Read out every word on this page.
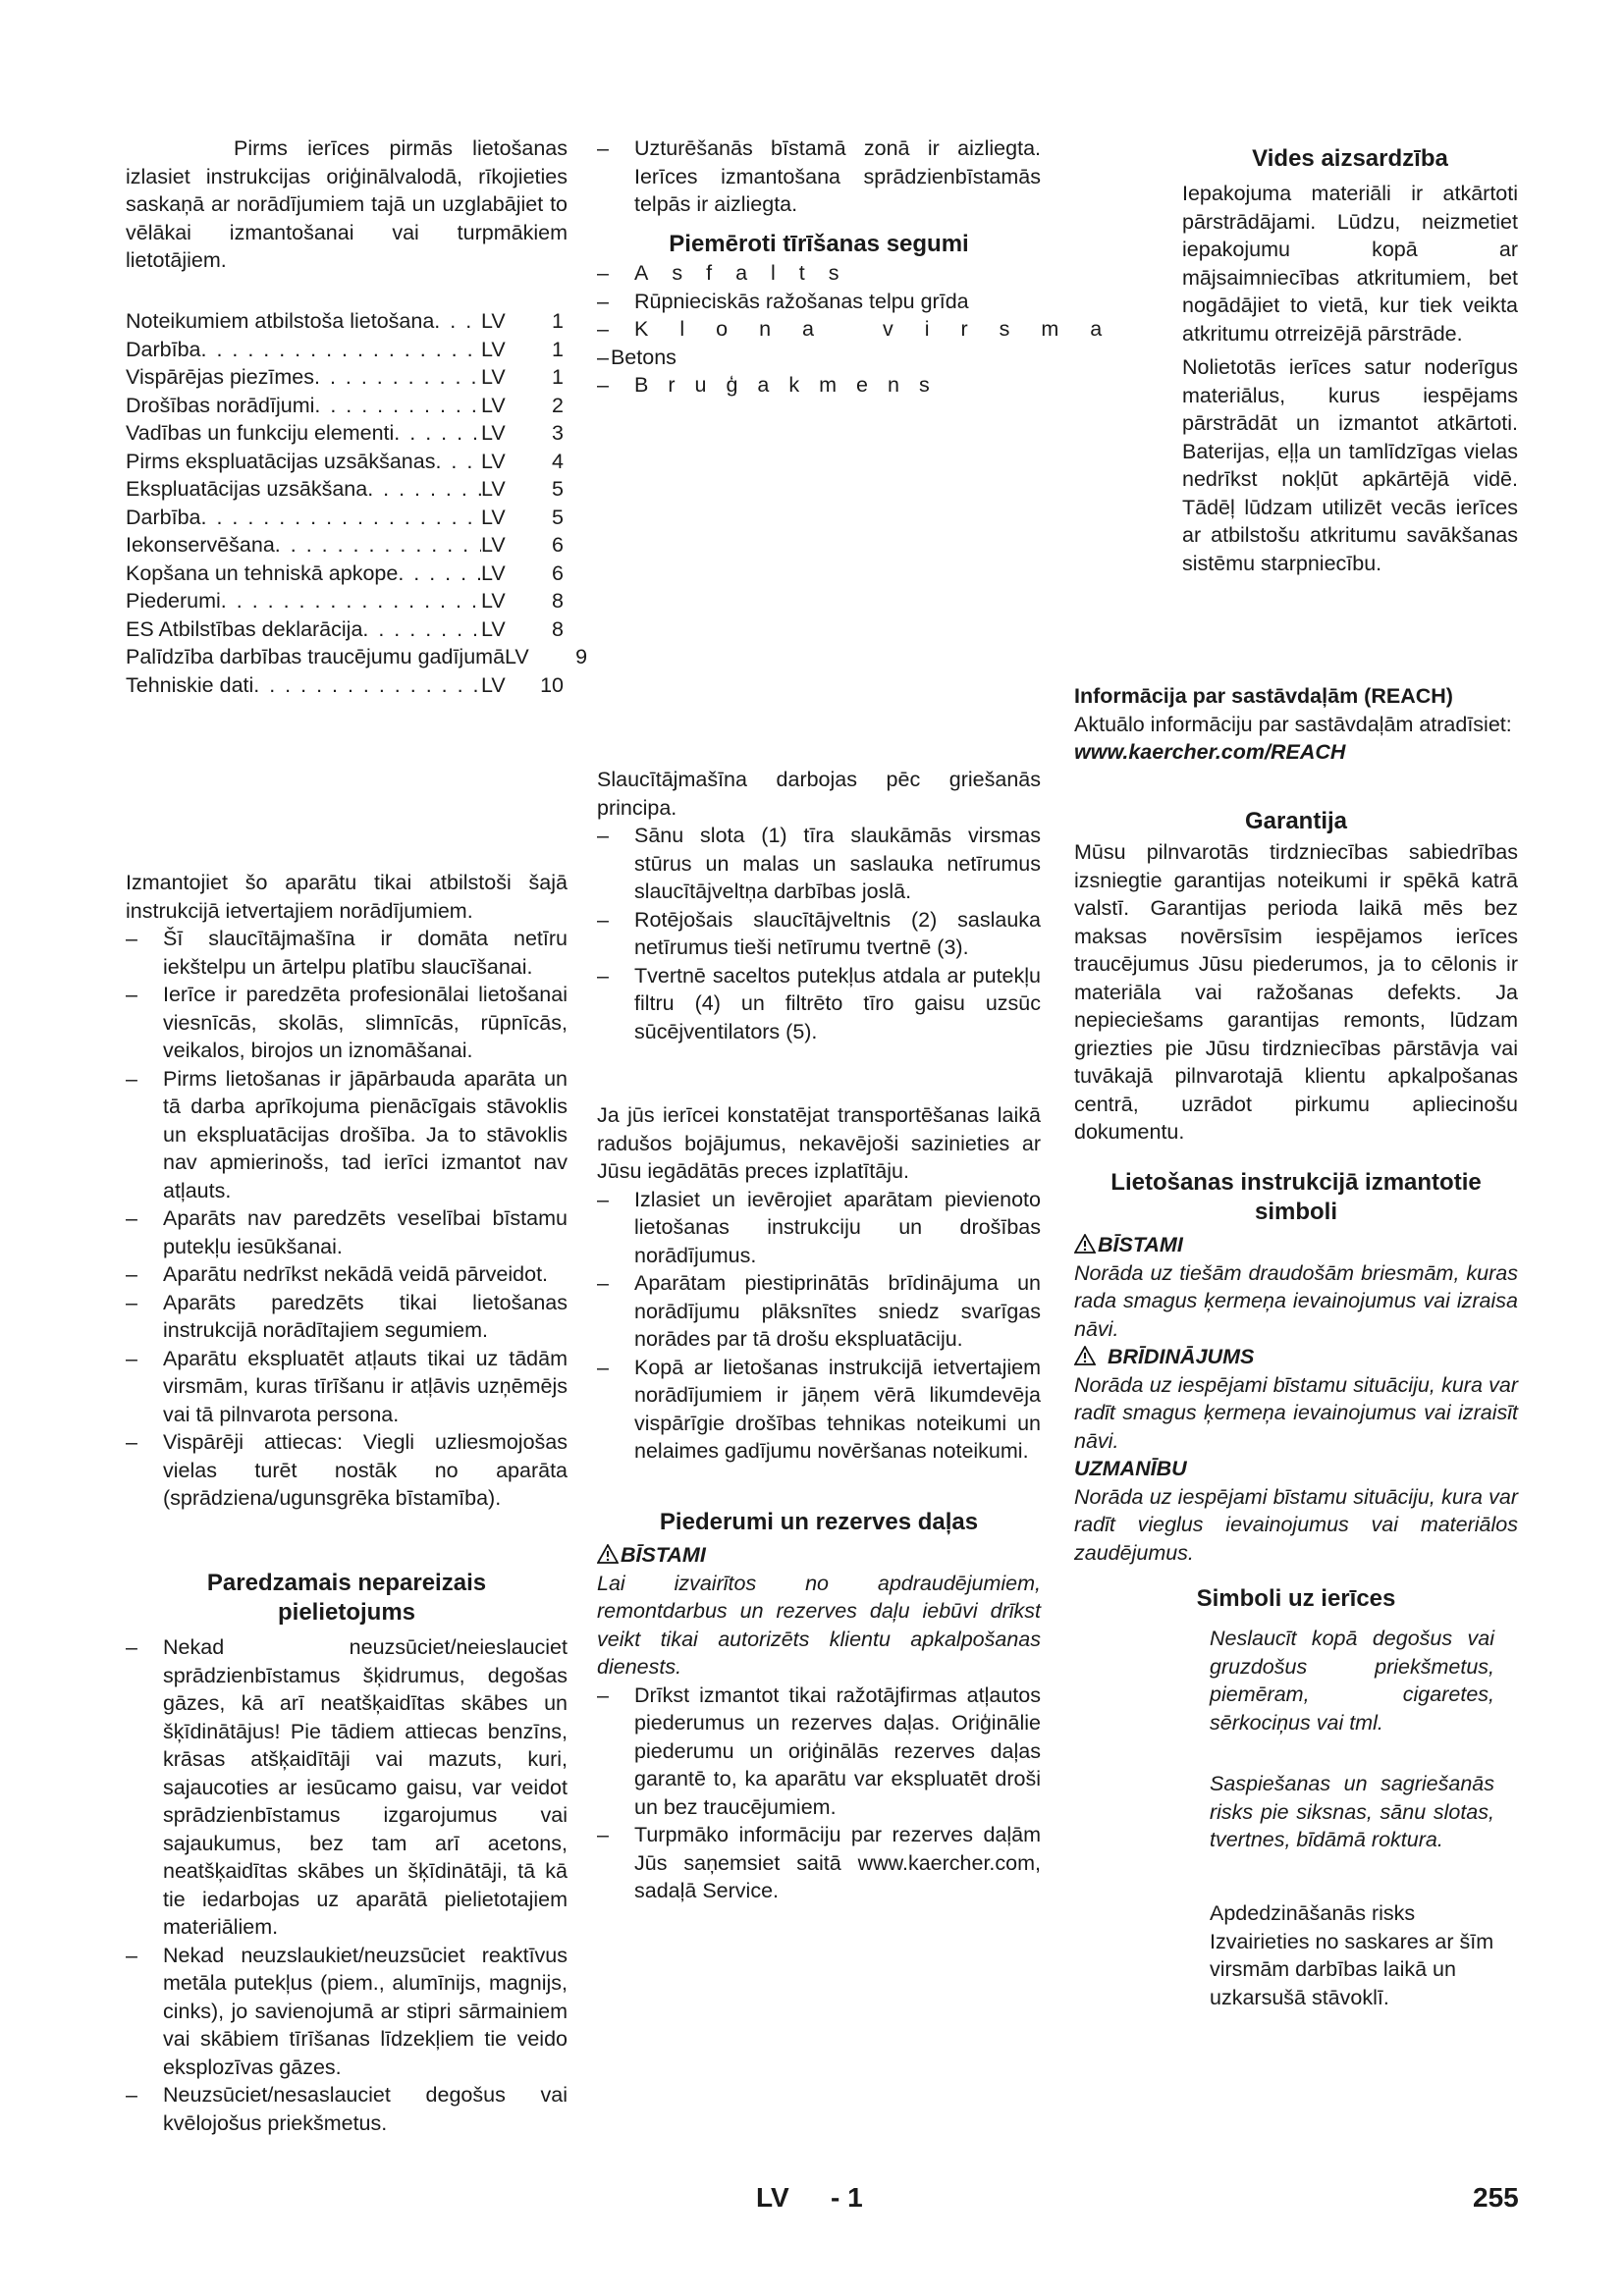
Pirms ierīces pirmās lietošanas izlasiet instrukcijas oriģinālvalodā, rīkojieties saskaņā ar norādījumiem tajā un uzglabājiet to vēlākai izmantošanai vai turpmākiem lietotājiem.

Noteikumiem atbilstoša lietošana . . . LV	1
Darbība . . .	LV	1
Vispārējas piezīmes . . .	LV	1
Drošības norādījumi . . .	LV	2
Vadības un funkciju elementi . . .	LV	3
Pirms ekspluatācijas uzsākšanas . . . LV	4
Ekspluatācijas uzsākšana . . .	LV	5
Darbība . . .	LV	5
Iekonservēšana . . .	LV	6
Kopšana un tehniskā apkope . . .	LV	6
Piederumi . . .	LV	8
ES Atbilstības deklarācija . . .	LV	8
Palīdzība darbības traucējumu gadījumā LV	9
Tehniskie dati . . .	LV	10

Izmantojiet šo aparātu tikai atbilstoši šajā instrukcijā ietvertajiem norādījumiem.

– Šī slaucītājmašīna ir domāta netīru iekštelpu un ārtelpu platību slaucīšanai.
– Ierīce ir paredzēta profesionālai lietošanai viesnīcās, skolās, slimnīcās, rūpnīcās, veikalos, birojos un iznomāšanai.
– Pirms lietošanas ir jāpārbauda aparāta un tā darba aprīkojuma pienācīgais stāvoklis un ekspluatācijas drošība. Ja to stāvoklis nav apmierinošs, tad ierīci izmantot nav atļauts.
– Aparāts nav paredzēts veselībai bīstamu putekļu iesūkšanai.
– Aparātu nedrīkst nekādā veidā pārveidot.
– Aparāts paredzēts tikai lietošanas instrukcijā norādītajiem segumiem.
– Aparātu ekspluatēt atļauts tikai uz tādām virsmām, kuras tīrīšanu ir atļāvis uzņēmējs vai tā pilnvarota persona.
– Vispārēji attiecas: Viegli uzliesmojošas vielas turēt nostāk no aparāta (sprādziena/ugunsgrēka bīstamība).
Paredzamais nepareizais pielietojums
– Nekad neuzsūciet/neieslauciet sprādzienbīstamus šķidrumus, degošas gāzes, kā arī neatšķaidītas skābes un šķīdinātājus! Pie tādiem attiecas benzīns, krāsas atšķaidītāji vai mazuts, kuri, sajaucoties ar iesūcamo gaisu, var veidot sprādzienbīstamus izgarojumus vai sajaukumus, bez tam arī acetons, neatšķaidītas skābes un šķīdinātāji, tā kā tie iedarbojas uz aparātā pielietotajiem materiāliem.
– Nekad neuzslaukiet/neuzsūciet reaktīvus metāla putekļus (piem., alumīnijs, magnijs, cinks), jo savienojumā ar stipri sārmainiem vai skābiem tīrīšanas līdzekļiem tie veido eksplozīvas gāzes.
– Neuzsūciet/nesaslauciet degošus vai kvēlojošus priekšmetus.
– Uzturēšanās bīstamā zonā ir aizliegta. Ierīces izmantošana sprādzienbīstamās telpās ir aizliegta.
Piemēroti tīrīšanas segumi
– Asfalts
– Rūpnieciskās ražošanas telpu grīda
– Klona virsma
–Betons
– Bruģakmens

Slaucītājmašīna darbojas pēc griešanās principa.

– Sānu slota (1) tīra slaukāmās virsmas stūrus un malas un saslauka netīrumus slaucītājveltņa darbības joslā.
– Rotējošais slaucītājveltnis (2) saslauka netīrumus tieši netīrumu tvertnē (3).
– Tvertnē saceltos putekļus atdala ar putekļu filtru (4) un filtrēto tīro gaisu uzsūc sūcējventilators (5).

Ja jūs ierīcei konstatējat transportēšanas laikā radušos bojājumus, nekavējoši sazinieties ar Jūsu iegādātās preces izplatītāju.

– Izlasiet un ievērojiet aparātam pievienoto lietošanas instrukciju un drošības norādījumus.
– Aparātam piestiprinātās brīdinājuma un norādījumu plāksnītes sniedz svarīgas norādes par tā drošu ekspluatāciju.
– Kopā ar lietošanas instrukcijā ietvertajiem norādījumiem ir jāņem vērā likumdevēja vispārīgie drošības tehnikas noteikumi un nelaimes gadījumu novēršanas noteikumi.
Piederumi un rezerves daļas
BĪSTAMI

Lai izvairītos no apdraudējumiem, remontdarbus un rezerves daļu iebūvi drīkst veikt tikai autorizēts klientu apkalpošanas dienests.

– Drīkst izmantot tikai ražotājfirmas atļautos piederumus un rezerves daļas. Oriģinālie piederumu un oriģinālās rezerves daļas garantē to, ka aparātu var ekspluatēt droši un bez traucējumiem.
– Turpmāko informāciju par rezerves daļām Jūs saņemsiet saitā www.kaercher.com, sadaļā Service.
Vides aizsardzība

Iepakojuma materiāli ir atkārtoti pārstrādājami. Lūdzu, neizmetiet iepakojumu kopā ar mājsaimniecības atkritumiem, bet nogādājiet to vietā, kur tiek veikta atkritumu otrreizējā pārstrāde.

Nolietotās ierīces satur noderīgus materiālus, kurus iespējams pārstrādāt un izmantot atkārtoti. Baterijas, eļļa un tamlīdzīgas vielas nedrīkst nokļūt apkārtējā vidē. Tādēļ lūdzam utilizēt vecās ierīces ar atbilstošu atkritumu savākšanas sistēmu starpniecību.

Informācija par sastāvdaļām (REACH)

Aktuālo informāciju par sastāvdaļām atradīsiet:

www.kaercher.com/REACH
Garantija

Mūsu pilnvarotās tirdzniecības sabiedrības izsniegtie garantijas noteikumi ir spēkā katrā valstī. Garantijas perioda laikā mēs bez maksas novērsīsim iespējamos ierīces traucējumus Jūsu piederumos, ja to cēlonis ir materiāla vai ražošanas defekts. Ja nepieciešams garantijas remonts, lūdzam griezties pie Jūsu tirdzniecības pārstāvja vai tuvākajā pilnvarotajā klientu apkalpošanas centrā, uzrādot pirkumu apliecinošu dokumentu.

Lietošanas instrukcijā izmantotie simboli
BĪSTAMI

Norāda uz tiešām draudošām briesmām, kuras rada smagus ķermeņa ievainojumus vai izraisa nāvi.

BRĪDINĀJUMS

Norāda uz iespējami bīstamu situāciju, kura var radīt smagus ķermeņa ievainojumus vai izraisīt nāvi.

UZMANĪBU

Norāda uz iespējami bīstamu situāciju, kura var radīt vieglus ievainojumus vai materiālos zaudējumus.

Simboli uz ierīces

Neslaucīt kopā degošus vai gruzdošus priekšmetus, piemēram, cigaretes, sērkociņus vai tml.

Saspiešanas un sagriešanās risks pie siksnas, sānu slotas, tvertnes, bīdāmā roktura.

Apdedzināšanās risks Izvairieties no saskares ar šīm virsmām darbības laikā un uzkarsušā stāvoklī.

LV - 1	255
